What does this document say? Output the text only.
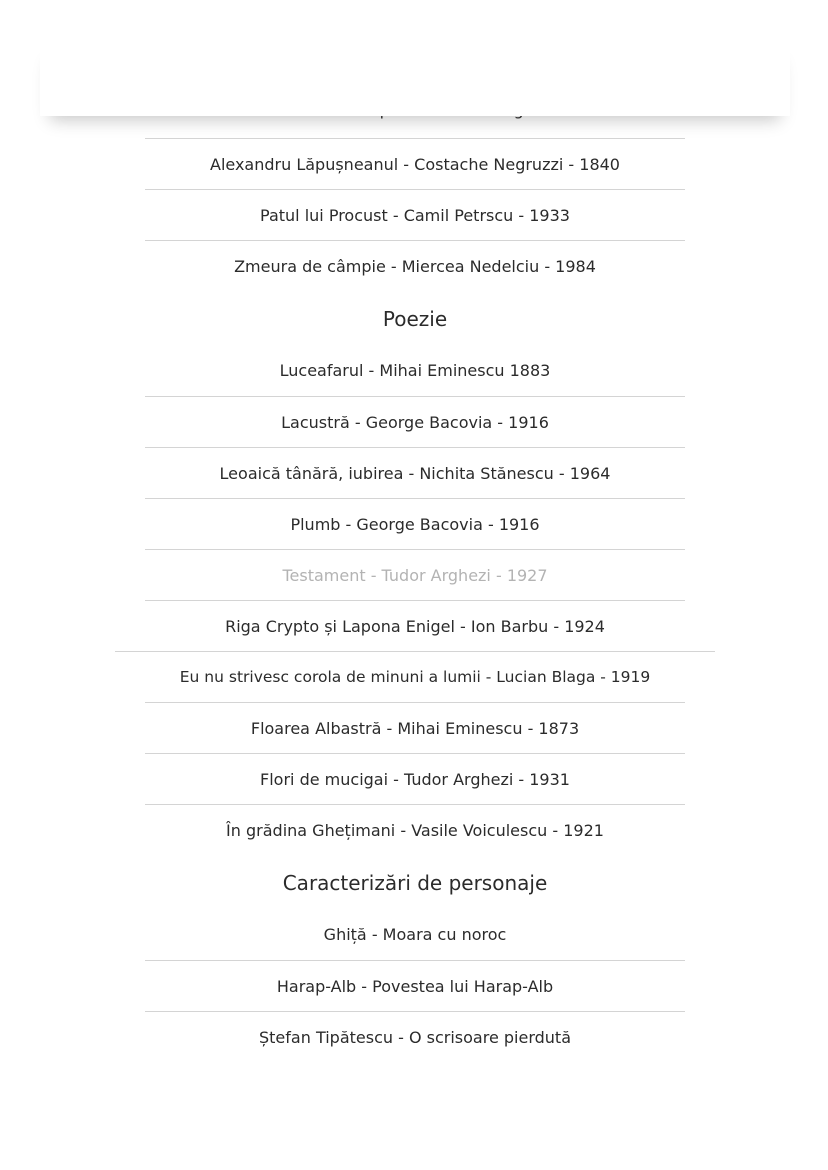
Alexandru Lăpușneanul - Costache Negruzzi - 1840
Patul lui Procust - Camil Petrscu - 1933
Zmeura de câmpie - Miercea Nedelciu - 1984
Poezie
Luceafarul - Mihai Eminescu 1883
Lacustră - George Bacovia - 1916
Leoaică tânără, iubirea - Nichita Stănescu - 1964
Plumb - George Bacovia - 1916
Testament - Tudor Arghezi - 1927
Riga Crypto și Lapona Enigel - Ion Barbu - 1924
Eu nu strivesc corola de minuni a lumii - Lucian Blaga - 1919
Floarea Albastră - Mihai Eminescu - 1873
Flori de mucigai - Tudor Arghezi - 1931
În grădina Ghețimani - Vasile Voiculescu - 1921
Caracterizări de personaje
Ghiță - Moara cu noroc
Harap-Alb - Povestea lui Harap-Alb
Ștefan Tipătescu - O scrisoare pierdută
